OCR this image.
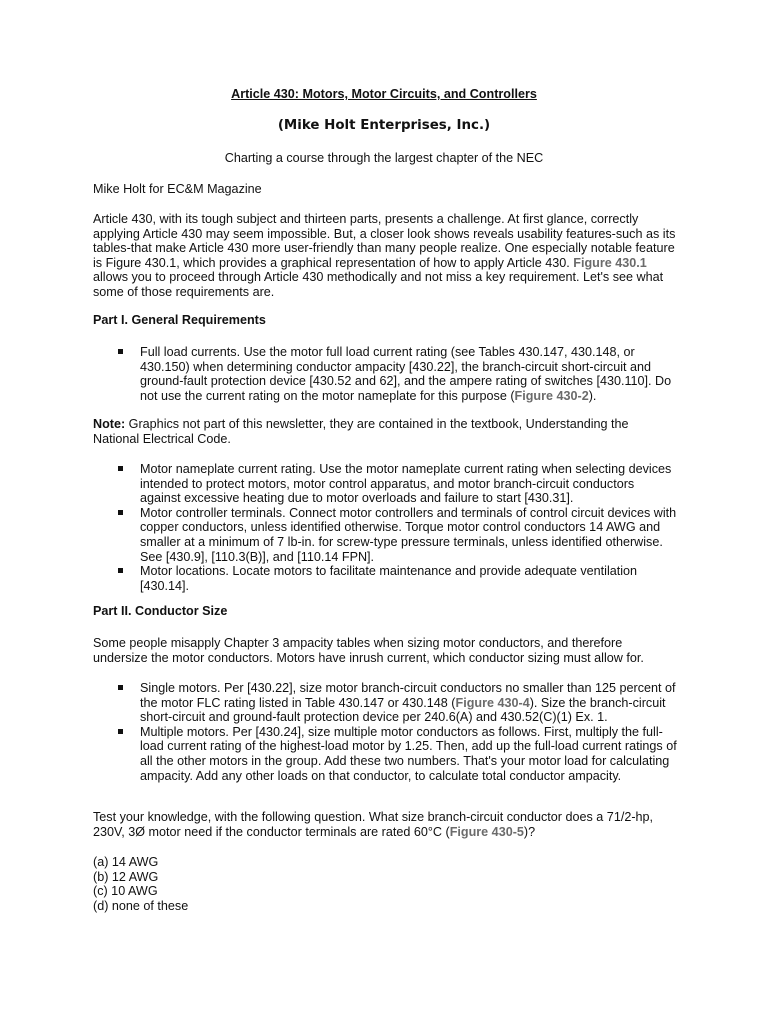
Article 430: Motors, Motor Circuits, and Controllers
(Mike Holt Enterprises, Inc.)
Charting a course through the largest chapter of the NEC
Mike Holt for EC&M Magazine

Article 430, with its tough subject and thirteen parts, presents a challenge. At first glance, correctly applying Article 430 may seem impossible. But, a closer look shows reveals usability features-such as its tables-that make Article 430 more user-friendly than many people realize. One especially notable feature is Figure 430.1, which provides a graphical representation of how to apply Article 430. Figure 430.1 allows you to proceed through Article 430 methodically and not miss a key requirement. Let's see what some of those requirements are.

Part I. General Requirements
Full load currents. Use the motor full load current rating (see Tables 430.147, 430.148, or 430.150) when determining conductor ampacity [430.22], the branch-circuit short-circuit and ground-fault protection device [430.52 and 62], and the ampere rating of switches [430.110]. Do not use the current rating on the motor nameplate for this purpose (Figure 430-2).

Note: Graphics not part of this newsletter, they are contained in the textbook, Understanding the National Electrical Code.

Motor nameplate current rating. Use the motor nameplate current rating when selecting devices intended to protect motors, motor control apparatus, and motor branch-circuit conductors against excessive heating due to motor overloads and failure to start [430.31].
Motor controller terminals. Connect motor controllers and terminals of control circuit devices with copper conductors, unless identified otherwise. Torque motor control conductors 14 AWG and smaller at a minimum of 7 lb-in. for screw-type pressure terminals, unless identified otherwise. See [430.9], [110.3(B)], and [110.14 FPN].
Motor locations. Locate motors to facilitate maintenance and provide adequate ventilation [430.14].
Part II. Conductor Size

Some people misapply Chapter 3 ampacity tables when sizing motor conductors, and therefore undersize the motor conductors. Motors have inrush current, which conductor sizing must allow for.

Single motors. Per [430.22], size motor branch-circuit conductors no smaller than 125 percent of the motor FLC rating listed in Table 430.147 or 430.148 (Figure 430-4). Size the branch-circuit short-circuit and ground-fault protection device per 240.6(A) and 430.52(C)(1) Ex. 1.
Multiple motors. Per [430.24], size multiple motor conductors as follows. First, multiply the full-load current rating of the highest-load motor by 1.25. Then, add up the full-load current ratings of all the other motors in the group. Add these two numbers. That's your motor load for calculating ampacity. Add any other loads on that conductor, to calculate total conductor ampacity.

Test your knowledge, with the following question. What size branch-circuit conductor does a 71/2-hp, 230V, 3Ø motor need if the conductor terminals are rated 60°C (Figure 430-5)?

(a) 14 AWG
(b) 12 AWG
(c) 10 AWG
(d) none of these
